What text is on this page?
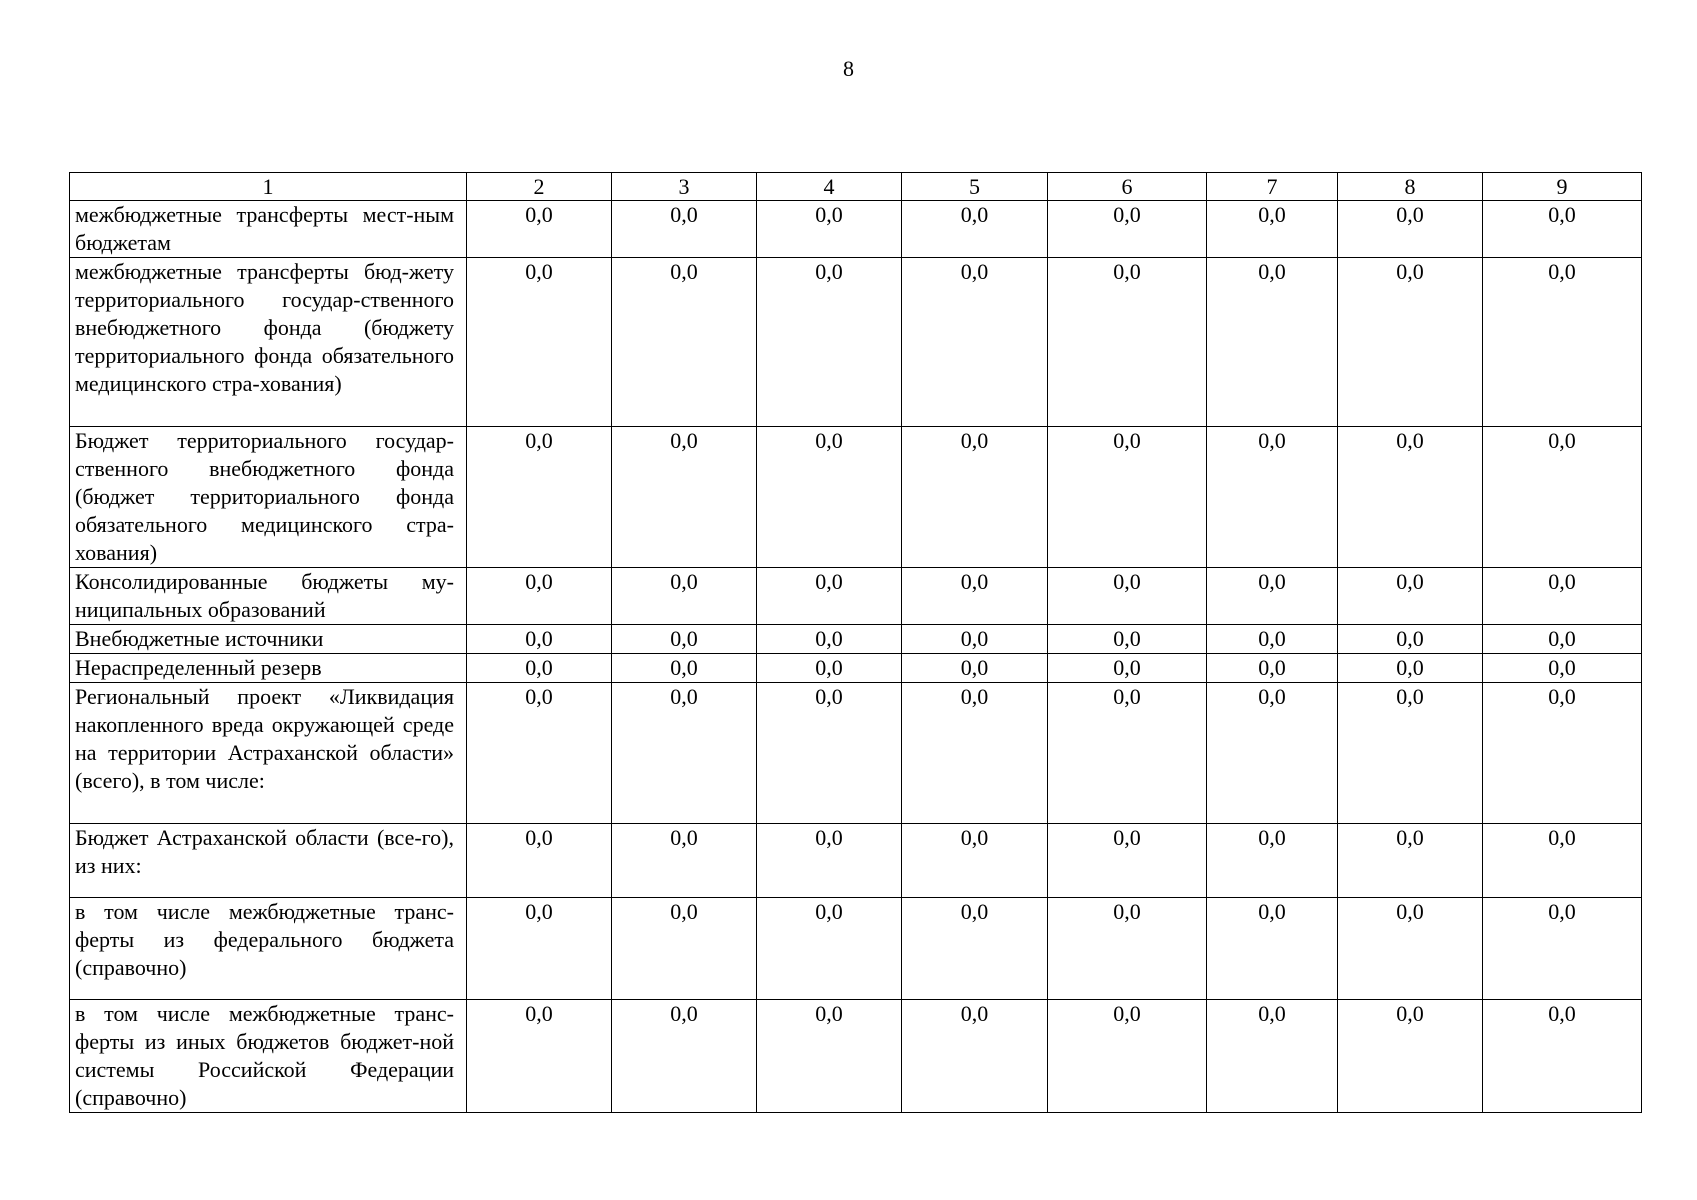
8
1	2	3	4	5	6	7	8	9
межбюджетные трансферты мест-ным бюджетам	0,0	0,0	0,0	0,0	0,0	0,0	0,0	0,0
межбюджетные трансферты бюд-жету территориального государ-ственного внебюджетного фонда (бюджету территориального фонда обязательного медицинского стра-хования)	0,0	0,0	0,0	0,0	0,0	0,0	0,0	0,0
Бюджет территориального государ-ственного внебюджетного фонда (бюджет территориального фонда обязательного медицинского стра-хования)	0,0	0,0	0,0	0,0	0,0	0,0	0,0	0,0
Консолидированные бюджеты му-ниципальных образований	0,0	0,0	0,0	0,0	0,0	0,0	0,0	0,0
Внебюджетные источники	0,0	0,0	0,0	0,0	0,0	0,0	0,0	0,0
Нераспределенный резерв	0,0	0,0	0,0	0,0	0,0	0,0	0,0	0,0
Региональный проект «Ликвидация накопленного вреда окружающей среде на территории Астраханской области» (всего), в том числе:	0,0	0,0	0,0	0,0	0,0	0,0	0,0	0,0
Бюджет Астраханской области (все-го), из них:	0,0	0,0	0,0	0,0	0,0	0,0	0,0	0,0
в том числе межбюджетные транс-ферты из федерального бюджета (справочно)	0,0	0,0	0,0	0,0	0,0	0,0	0,0	0,0
в том числе межбюджетные транс-ферты из иных бюджетов бюджет-ной системы Российской Федерации (справочно)	0,0	0,0	0,0	0,0	0,0	0,0	0,0	0,0
